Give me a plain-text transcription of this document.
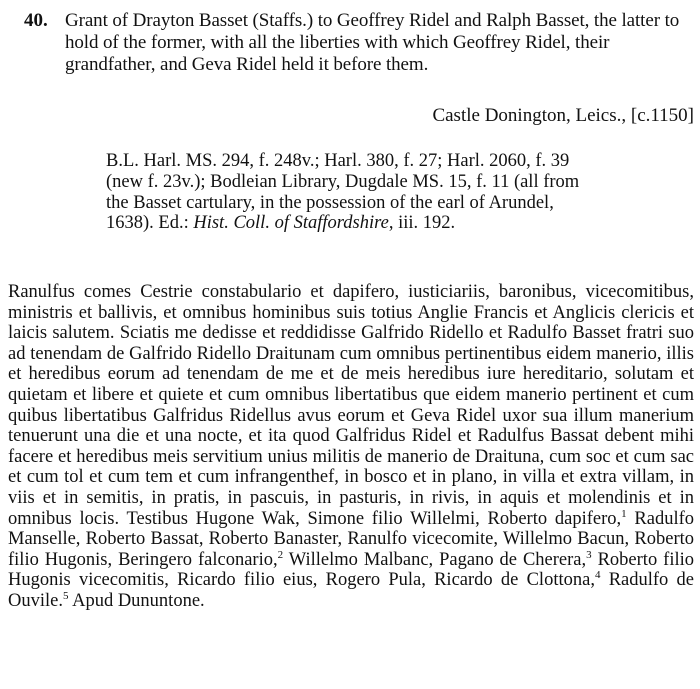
40. Grant of Drayton Basset (Staffs.) to Geoffrey Ridel and Ralph Basset, the latter to hold of the former, with all the liberties with which Geoffrey Ridel, their grandfather, and Geva Ridel held it before them.
Castle Donington, Leics., [c.1150]

B.L. Harl. MS. 294, f. 248v.; Harl. 380, f. 27; Harl. 2060, f. 39 (new f. 23v.); Bodleian Library, Dugdale MS. 15, f. 11 (all from the Basset cartulary, in the possession of the earl of Arundel, 1638). Ed.: Hist. Coll. of Staffordshire, iii. 192.

Ranulfus comes Cestrie constabulario et dapifero, iusticiariis, baronibus, vicecomitibus, ministris et ballivis, et omnibus hominibus suis totius Anglie Francis et Anglicis clericis et laicis salutem. Sciatis me dedisse et reddidisse Galfrido Ridello et Radulfo Basset fratri suo ad tenendam de Galfrido Ridello Draitunam cum omnibus pertinentibus eidem manerio, illis et heredibus eorum ad tenendam de me et de meis heredibus iure hereditario, solutam et quietam et libere et quiete et cum omnibus libertatibus que eidem manerio pertinent et cum quibus libertatibus Galfridus Ridellus avus eorum et Geva Ridel uxor sua illum manerium tenuerunt una die et una nocte, et ita quod Galfridus Ridel et Radulfus Bassat debent mihi facere et heredibus meis servitium unius militis de manerio de Draituna, cum soc et cum sac et cum tol et cum tem et cum infrangenthef, in bosco et in plano, in villa et extra villam, in viis et in semitis, in pratis, in pascuis, in pasturis, in rivis, in aquis et molendinis et in omnibus locis. Testibus Hugone Wak, Simone filio Willelmi, Roberto dapifero,$^1$ Radulfo Manselle, Roberto Bassat, Roberto Banaster, Ranulfo vicecomite, Willelmo Bacun, Roberto filio Hugonis, Beringero falconario,$^2$ Willelmo Malbanc, Pagano de Cherera,$^3$ Roberto filio Hugonis vicecomitis, Ricardo filio eius, Rogero Pula, Ricardo de Clottona,$^4$ Radulfo de Ouvile.$^5$ Apud Dununtone.
